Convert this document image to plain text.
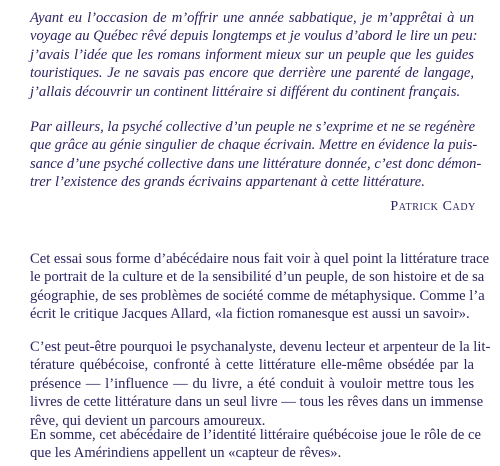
Ayant eu l’occasion de m’offrir une année sabbatique, je m’apprêtai à un
voyage au Québec rêvé depuis longtemps et je voulus d’abord le lire un peu:
j’avais l’idée que les romans informent mieux sur un peuple que les guides
touristiques. Je ne savais pas encore que derrière une parenté de langage,
j’allais découvrir un continent littéraire si différent du continent français.

Par ailleurs, la psyché collective d’un peuple ne s’exprime et ne se regénère
que grâce au génie singulier de chaque écrivain. Mettre en évidence la puis-
sance d’une psyché collective dans une littérature donnée, c’est donc démon-
trer l’existence des grands écrivains appartenant à cette littérature.

Patrick Cady

Cet essai sous forme d’abécédaire nous fait voir à quel point la littérature trace
le portrait de la culture et de la sensibilité d’un peuple, de son histoire et de sa
géographie, de ses problèmes de société comme de métaphysique. Comme l’a
écrit le critique Jacques Allard, «la fiction romanesque est aussi un savoir».

C’est peut-être pourquoi le psychanalyste, devenu lecteur et arpenteur de la lit-
térature québécoise, confronté à cette littérature elle-même obsédée par la
présence — l’influence — du livre, a été conduit à vouloir mettre tous les
livres de cette littérature dans un seul livre — tous les rêves dans un immense
rêve, qui devient un parcours amoureux.

En somme, cet abécédaire de l’identité littéraire québécoise joue le rôle de ce
que les Amérindiens appellent un «capteur de rêves».
